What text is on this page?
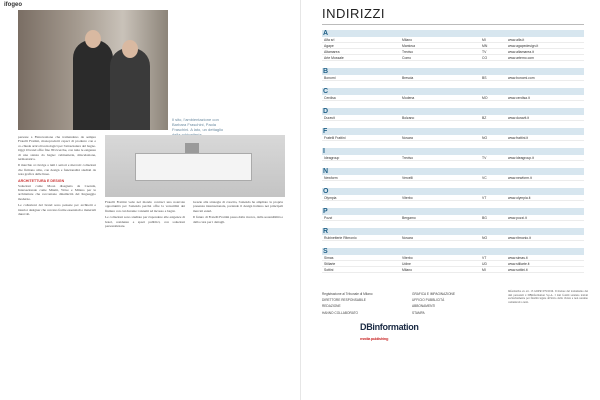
ifogeo
Il sito, l'ambientazione con Barbara Fraschini, Paola Fraschini. A lato, un dettaglio

persone a Finnovazione che tramandano da sempre Fratelli Frattini, monoprodotti capaci di produrre con e co-chiede articoli tecnologici per l'attrezzatura del bagno. Oggi il brand offre fino 80 ricerche, con tutte le esigenze di una stanza da bagno: rubinetteria, miscelazione, termostatica.

Il marchio si rivolge a tutti i settori e mercati: collezioni che firmano stile, con design e funzionalità studiati da nota grafica delle linee.

ARCHITETTURA E DESIGN

Soluzioni come Moon disegnata da Caerula, Intersezionale come Miami, Wave e Milano per le architetture che raccontano dinamicità del linguaggio moderno.

Le collezioni del brand sono pensate per architetti e interior designer che cercano forme essenziali e materiali durevoli.

Fratelli Frattini vede nel mondo contract una notevole opportunità per l'azienda perché offre la versatilità dei finiture con cui durante i sistemi ad incasso e bagni.

Le collezioni sono studiate per rispondere alle esigenze di hotel, residenze e spazi pubblici, con soluzioni personalizzate.

Grazie alla strategia di crescita, l'azienda ha ampliato la propria presenza internazionale, portando il design italiano nei principali mercati esteri.

Il futuro di Fratelli Frattini passa dalla ricerca, dalla sostenibilità e dalla cura per i dettagli.

INDIRIZZI
A
Alfa srl	Milano	MI	www.alfa.it
Agape	Mantova	MN	www.agapedesign.it
Altamarea	Treviso	TV	www.altamarea.it
Arte Mossale	Como	CO	www.artemo.com
B
Bonomi	Brescia	BS	www.bonomi.com
C
Cerdisa	Modena	MO	www.cerdisa.it
D
Duravit	Bolzano	BZ	www.duravit.it
F
Fratelli Frattini	Novara	NO	www.frattini.it
I
Ideagroup	Treviso	TV	www.ideagroup.it
N
Newform	Vercelli	VC	www.newform.it
O
Olympia	Viterbo	VT	www.olympia.it
P
Pozzi	Bergamo	BG	www.pozzi.it
R
Rubinetterie Ritmonio	Novara	NO	www.ritmonio.it
S
Simas	Viterbo	VT	www.simas.it
Stiliarte	Udine	UD	www.stiliarte.it
Sottini	Milano	MI	www.sottini.it

Registrazione al Tribunale di Milano

DIRETTORE RESPONSABILE

REDAZIONE

HANNO COLLABORATO

GRAFICA E IMPAGINAZIONE

UFFICIO PUBBLICITÀ

ABBONAMENTI

STAMPA

DBinformation
media publishing
Informativa ex art. 13 GDPR 679/2016. Il titolare del trattamento dei dati personali è DBInformation S.p.A. I dati forniti saranno trattati esclusivamente per finalità legate all'invio della rivista e non saranno comunicati a terzi.
